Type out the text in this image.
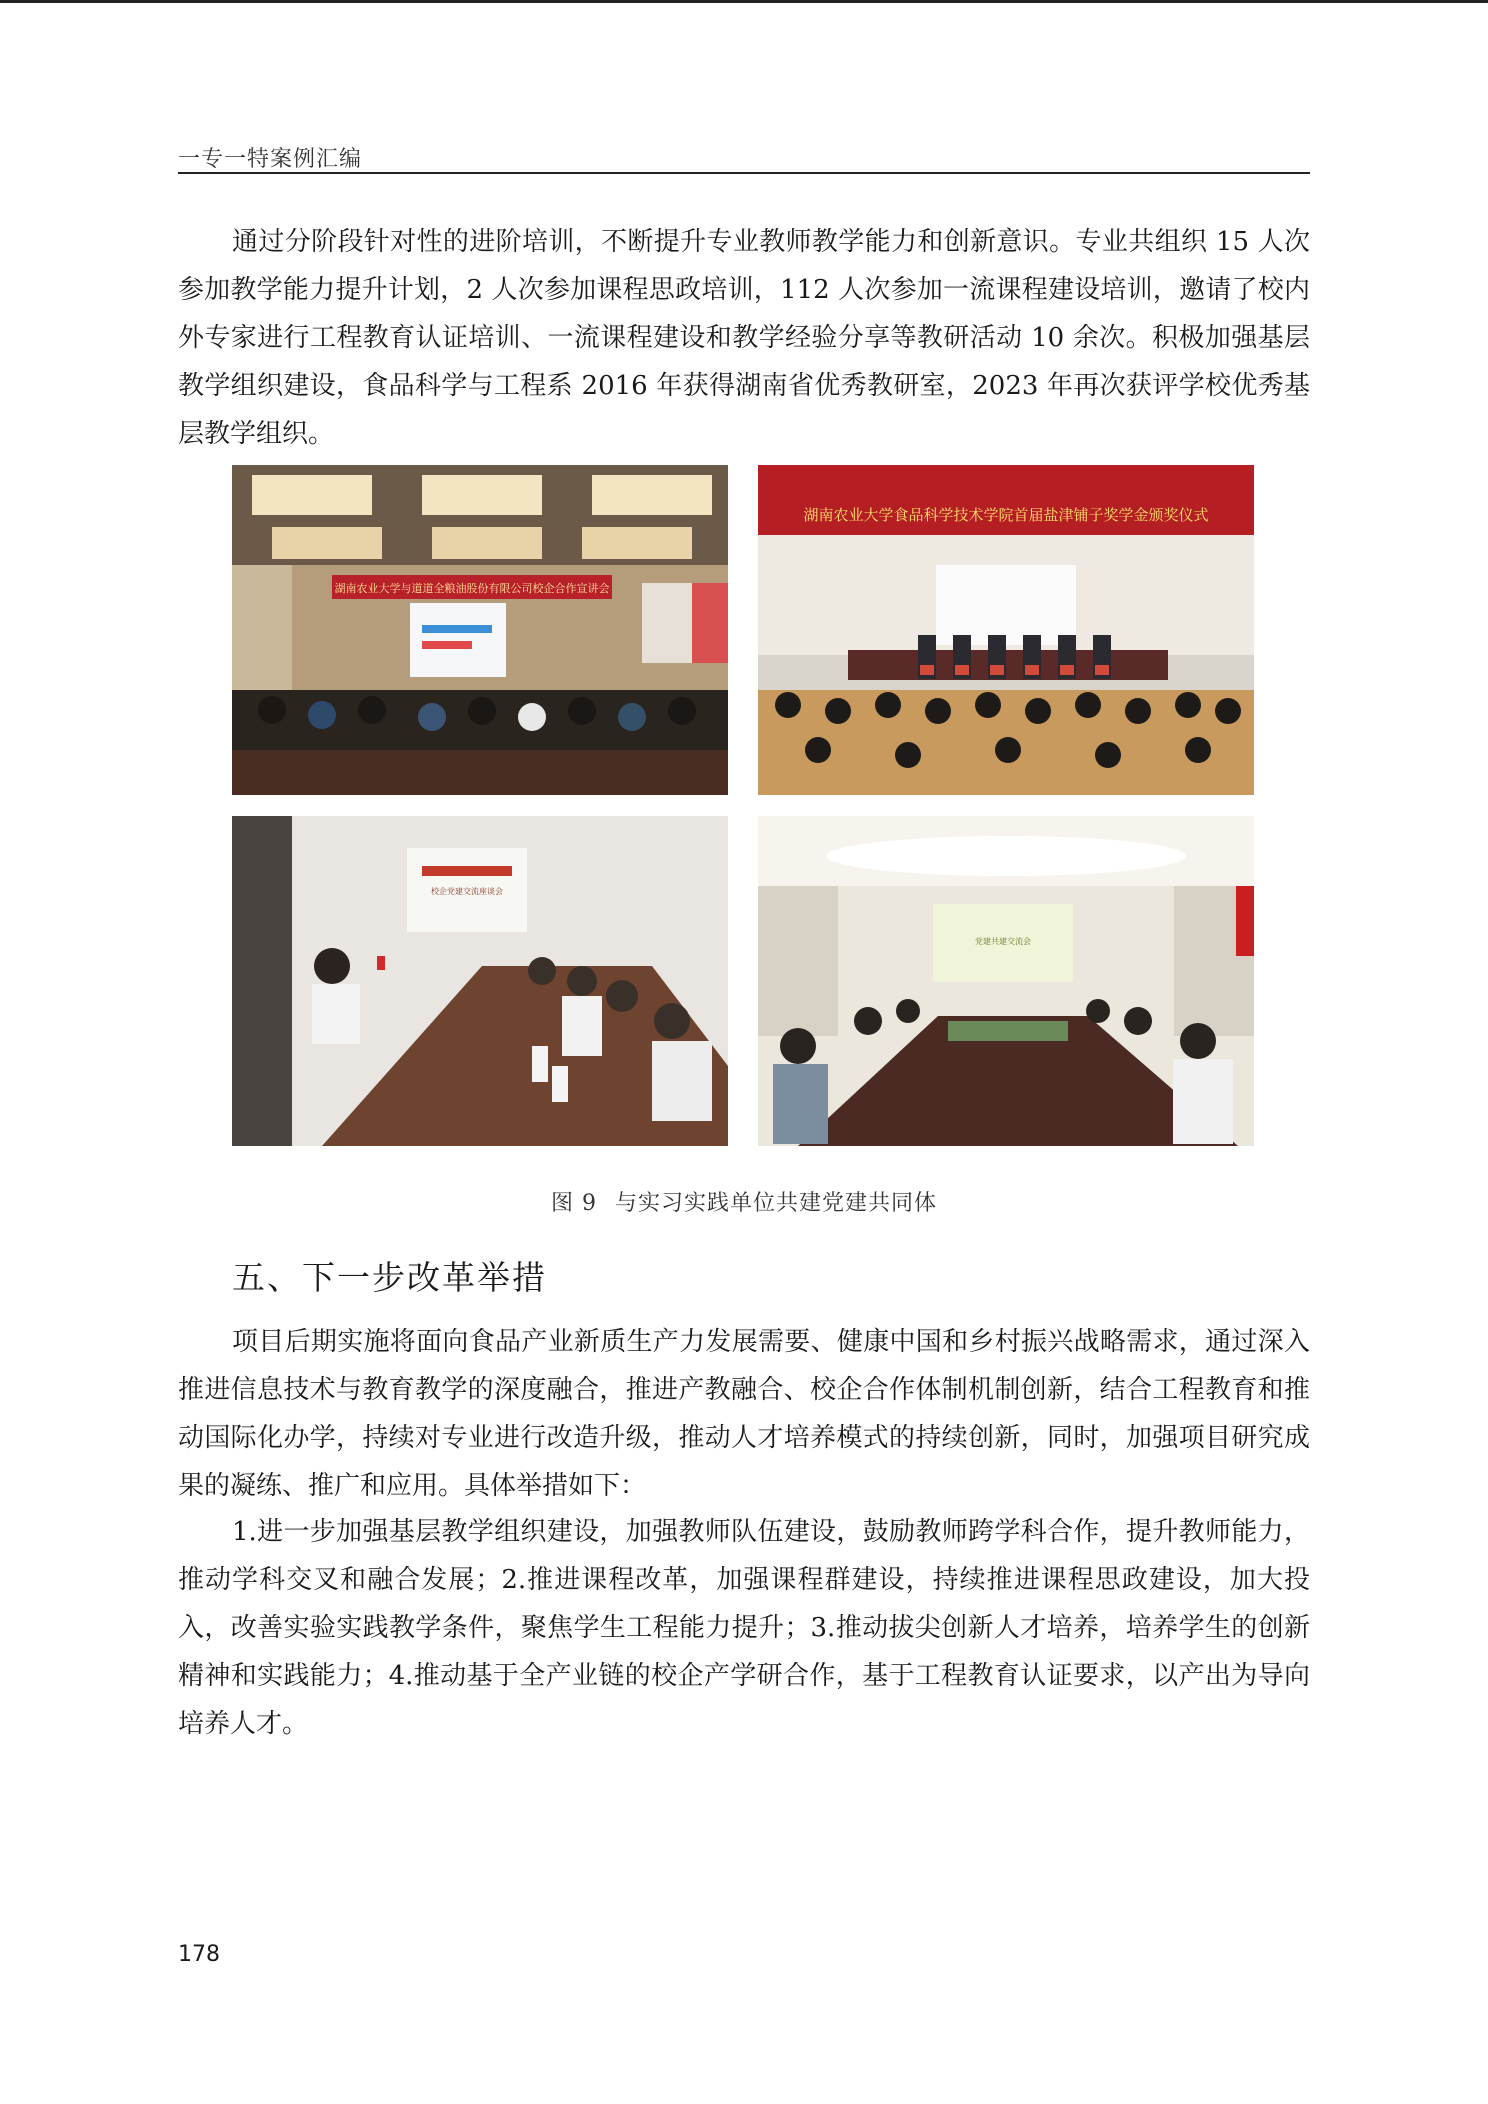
一专一特案例汇编

通过分阶段针对性的进阶培训，不断提升专业教师教学能力和创新意识。专业共组织 15 人次参加教学能力提升计划，2 人次参加课程思政培训，112 人次参加一流课程建设培训，邀请了校内外专家进行工程教育认证培训、一流课程建设和教学经验分享等教研活动 10 余次。积极加强基层教学组织建设，食品科学与工程系 2016 年获得湖南省优秀教研室，2023 年再次获评学校优秀基层教学组织。

湖南农业大学与道道全粮油股份有限公司校企合作宣讲会
湖南农业大学食品科学技术学院首届盐津铺子奖学金颁奖仪式
校企党建交流座谈会
党建共建交流会
图 9 与实习实践单位共建党建共同体
五、下一步改革举措

项目后期实施将面向食品产业新质生产力发展需要、健康中国和乡村振兴战略需求，通过深入推进信息技术与教育教学的深度融合，推进产教融合、校企合作体制机制创新，结合工程教育和推动国际化办学，持续对专业进行改造升级，推动人才培养模式的持续创新，同时，加强项目研究成果的凝练、推广和应用。具体举措如下：

1.进一步加强基层教学组织建设，加强教师队伍建设，鼓励教师跨学科合作，提升教师能力，推动学科交叉和融合发展；2.推进课程改革，加强课程群建设，持续推进课程思政建设，加大投入，改善实验实践教学条件，聚焦学生工程能力提升；3.推动拔尖创新人才培养，培养学生的创新精神和实践能力；4.推动基于全产业链的校企产学研合作，基于工程教育认证要求，以产出为导向培养人才。

178
